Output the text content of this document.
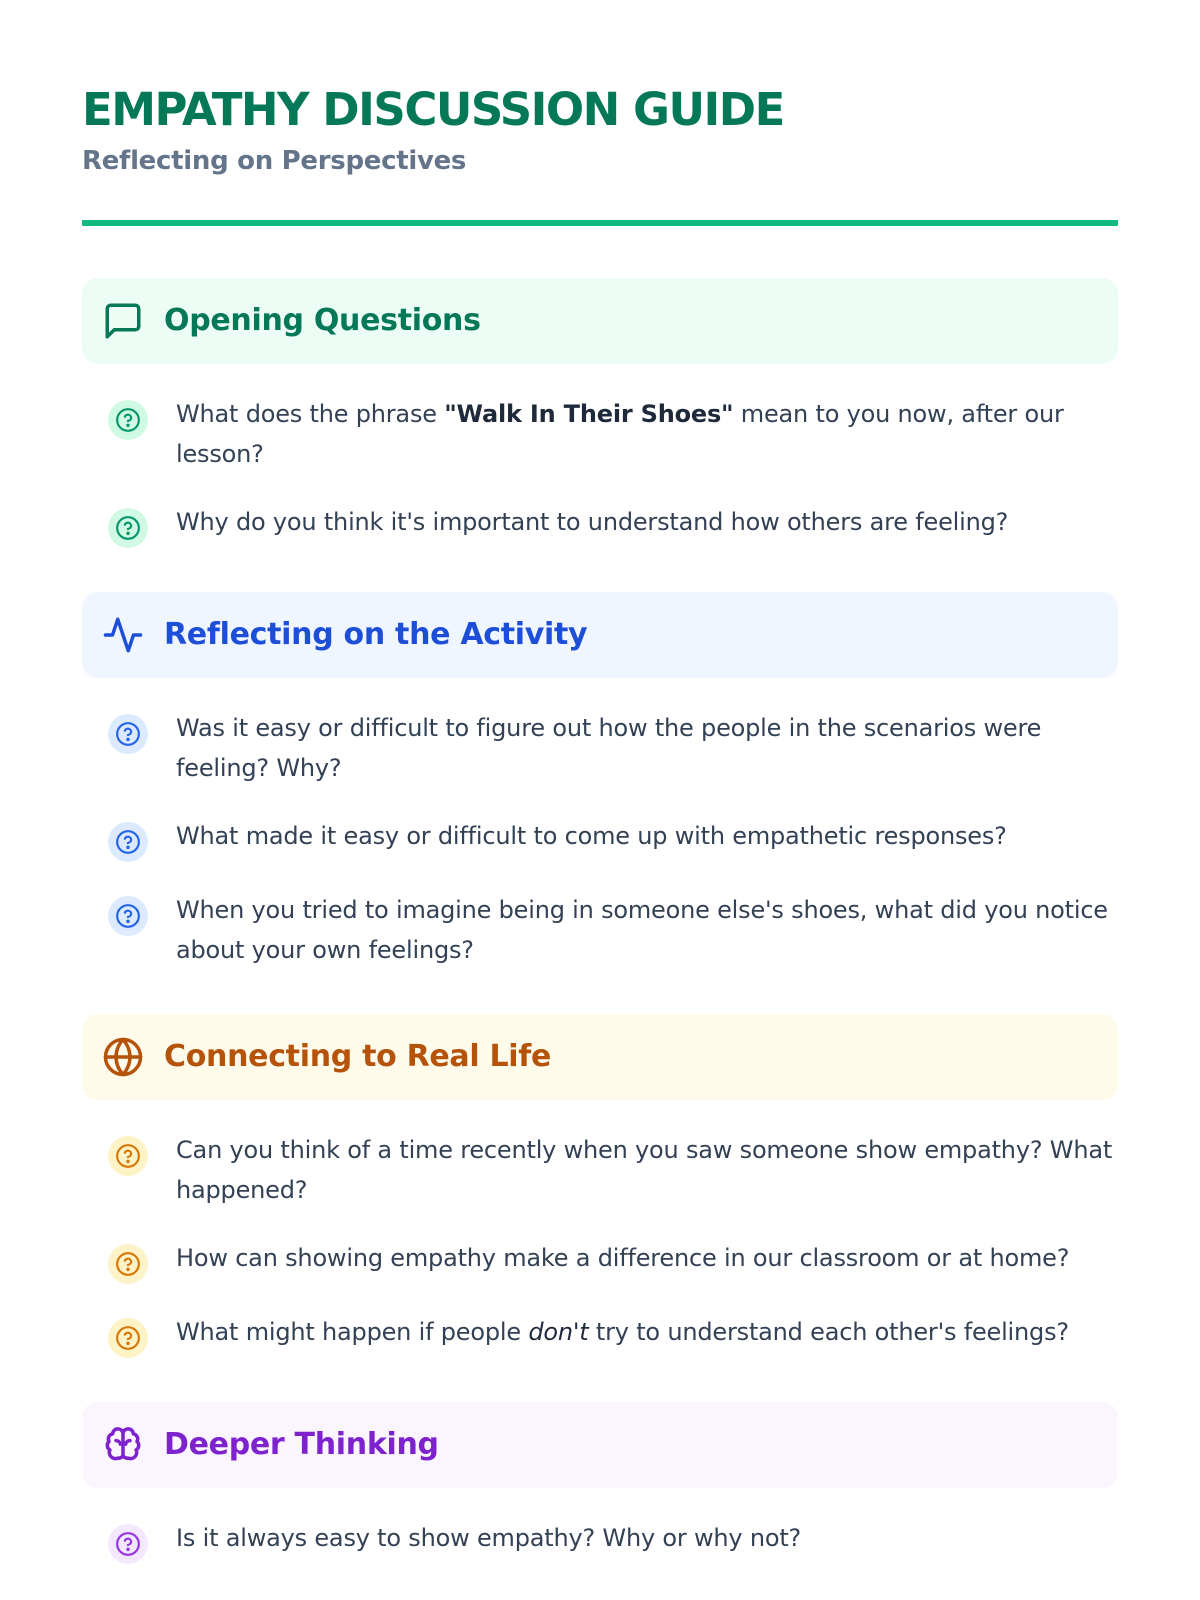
EMPATHY DISCUSSION GUIDE
Reflecting on Perspectives
Opening Questions

What does the phrase "Walk In Their Shoes" mean to you now, after our lesson?

Why do you think it's important to understand how others are feeling?

Reflecting on the Activity

Was it easy or difficult to figure out how the people in the scenarios were feeling? Why?

What made it easy or difficult to come up with empathetic responses?

When you tried to imagine being in someone else's shoes, what did you notice about your own feelings?

Connecting to Real Life

Can you think of a time recently when you saw someone show empathy? What happened?

How can showing empathy make a difference in our classroom or at home?

What might happen if people don't try to understand each other's feelings?

Deeper Thinking

Is it always easy to show empathy? Why or why not?
